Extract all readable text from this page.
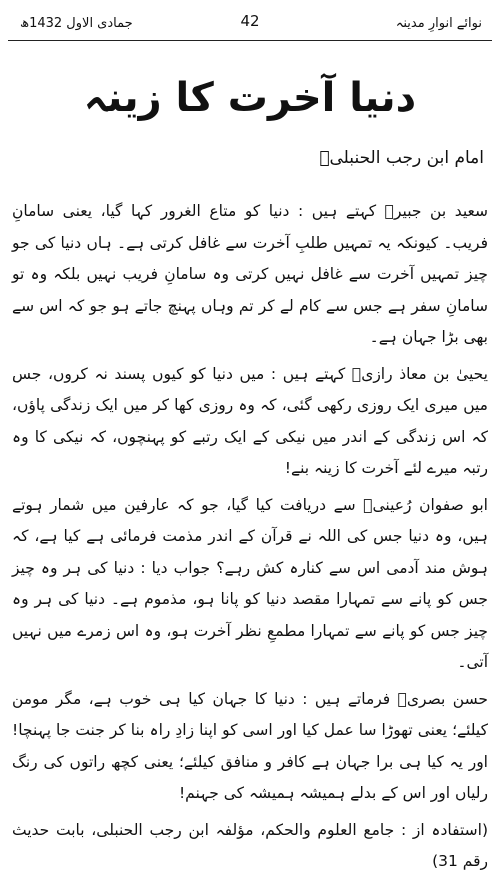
نوائے انوارِ مدینہ
42
جمادی الاول 1432ھ
دنیا آخرت کا زینہ
امام ابن رجب الحنبلیؒ

سعید بن جبیرؒ کہتے ہیں : دنیا کو متاع الغرور کہا گیا، یعنی سامانِ فریب۔ کیونکہ یہ تمہیں طلبِ آخرت سے غافل کرتی ہے۔ ہاں دنیا کی جو چیز تمہیں آخرت سے غافل نہیں کرتی وہ سامانِ فریب نہیں بلکہ وہ تو سامانِ سفر ہے جس سے کام لے کر تم وہاں پہنچ جاتے ہو جو کہ اس سے بھی بڑا جہان ہے۔

یحییٰ بن معاذ رازیؒ کہتے ہیں : میں دنیا کو کیوں پسند نہ کروں، جس میں میری ایک روزی رکھی گئی، کہ وہ روزی کھا کر میں ایک زندگی پاؤں، کہ اس زندگی کے اندر میں نیکی کے ایک رتبے کو پہنچوں، کہ نیکی کا وہ رتبہ میرے لئے آخرت کا زینہ بنے!

ابو صفوان رُعینیؒ سے دریافت کیا گیا، جو کہ عارفین میں شمار ہوتے ہیں، وہ دنیا جس کی اللہ نے قرآن کے اندر مذمت فرمائی ہے کیا ہے، کہ ہوش مند آدمی اس سے کنارہ کش رہے؟ جواب دیا : دنیا کی ہر وہ چیز جس کو پانے سے تمہارا مقصد دنیا کو پانا ہو، مذموم ہے۔ دنیا کی ہر وہ چیز جس کو پانے سے تمہارا مطمعِ نظر آخرت ہو، وہ اس زمرے میں نہیں آتی۔

حسن بصریؒ فرماتے ہیں : دنیا کا جہان کیا ہی خوب ہے، مگر مومن کیلئے؛ یعنی تھوڑا سا عمل کیا اور اسی کو اپنا زادِ راہ بنا کر جنت جا پہنچا! اور یہ کیا ہی برا جہان ہے کافر و منافق کیلئے؛ یعنی کچھ راتوں کی رنگ رلیاں اور اس کے بدلے ہمیشہ ہمیشہ کی جہنم!

(استفادہ از : جامع العلوم والحکم، مؤلفہ ابن رجب الحنبلی، بابت حدیث رقم 31)
